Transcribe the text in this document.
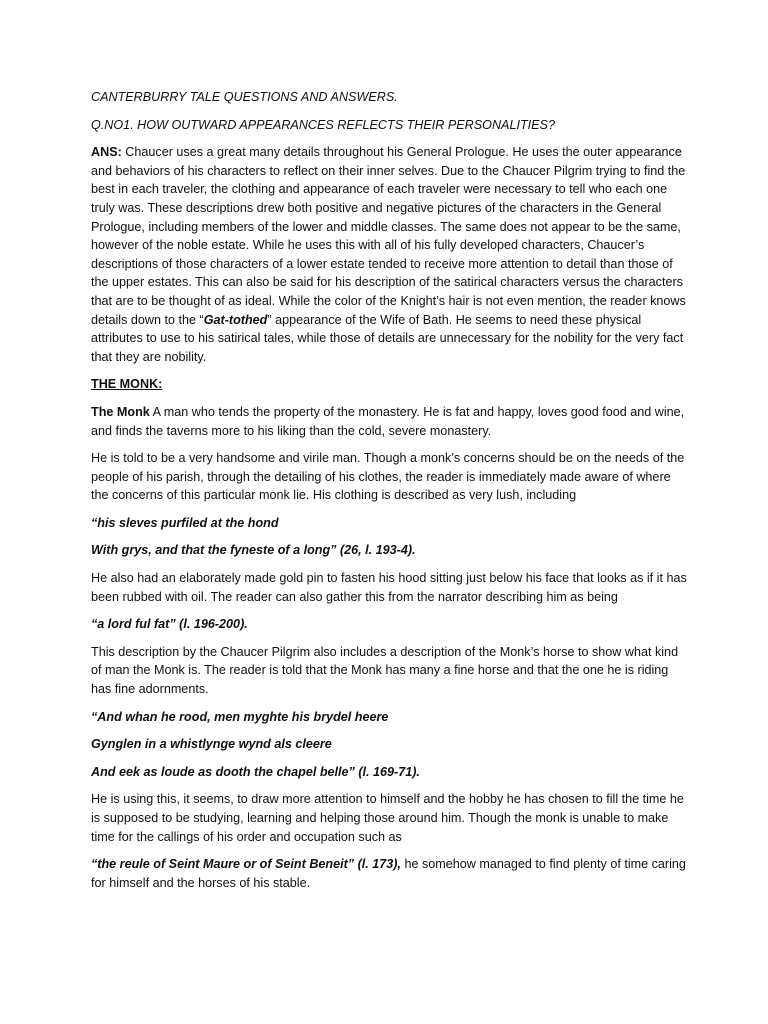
CANTERBURRY TALE QUESTIONS AND ANSWERS.

Q.NO1. HOW OUTWARD APPEARANCES REFLECTS THEIR PERSONALITIES?

ANS: Chaucer uses a great many details throughout his General Prologue. He uses the outer appearance and behaviors of his characters to reflect on their inner selves. Due to the Chaucer Pilgrim trying to find the best in each traveler, the clothing and appearance of each traveler were necessary to tell who each one truly was. These descriptions drew both positive and negative pictures of the characters in the General Prologue, including members of the lower and middle classes. The same does not appear to be the same, however of the noble estate. While he uses this with all of his fully developed characters, Chaucer’s descriptions of those characters of a lower estate tended to receive more attention to detail than those of the upper estates. This can also be said for his description of the satirical characters versus the characters that are to be thought of as ideal. While the color of the Knight’s hair is not even mention, the reader knows details down to the “Gat-tothed” appearance of the Wife of Bath. He seems to need these physical attributes to use to his satirical tales, while those of details are unnecessary for the nobility for the very fact that they are nobility.

THE MONK:

The Monk A man who tends the property of the monastery. He is fat and happy, loves good food and wine, and finds the taverns more to his liking than the cold, severe monastery.

He is told to be a very handsome and virile man. Though a monk’s concerns should be on the needs of the people of his parish, through the detailing of his clothes, the reader is immediately made aware of where the concerns of this particular monk lie. His clothing is described as very lush, including

“his sleves purfiled at the hond

With grys, and that the fyneste of a long” (26, l. 193-4).

He also had an elaborately made gold pin to fasten his hood sitting just below his face that looks as if it has been rubbed with oil. The reader can also gather this from the narrator describing him as being

“a lord ful fat” (l. 196-200).

This description by the Chaucer Pilgrim also includes a description of the Monk’s horse to show what kind of man the Monk is. The reader is told that the Monk has many a fine horse and that the one he is riding has fine adornments.

“And whan he rood, men myghte his brydel heere

Gynglen in a whistlynge wynd als cleere

And eek as loude as dooth the chapel belle” (l. 169-71).

He is using this, it seems, to draw more attention to himself and the hobby he has chosen to fill the time he is supposed to be studying, learning and helping those around him. Though the monk is unable to make time for the callings of his order and occupation such as

“the reule of Seint Maure or of Seint Beneit” (l. 173), he somehow managed to find plenty of time caring for himself and the horses of his stable.
